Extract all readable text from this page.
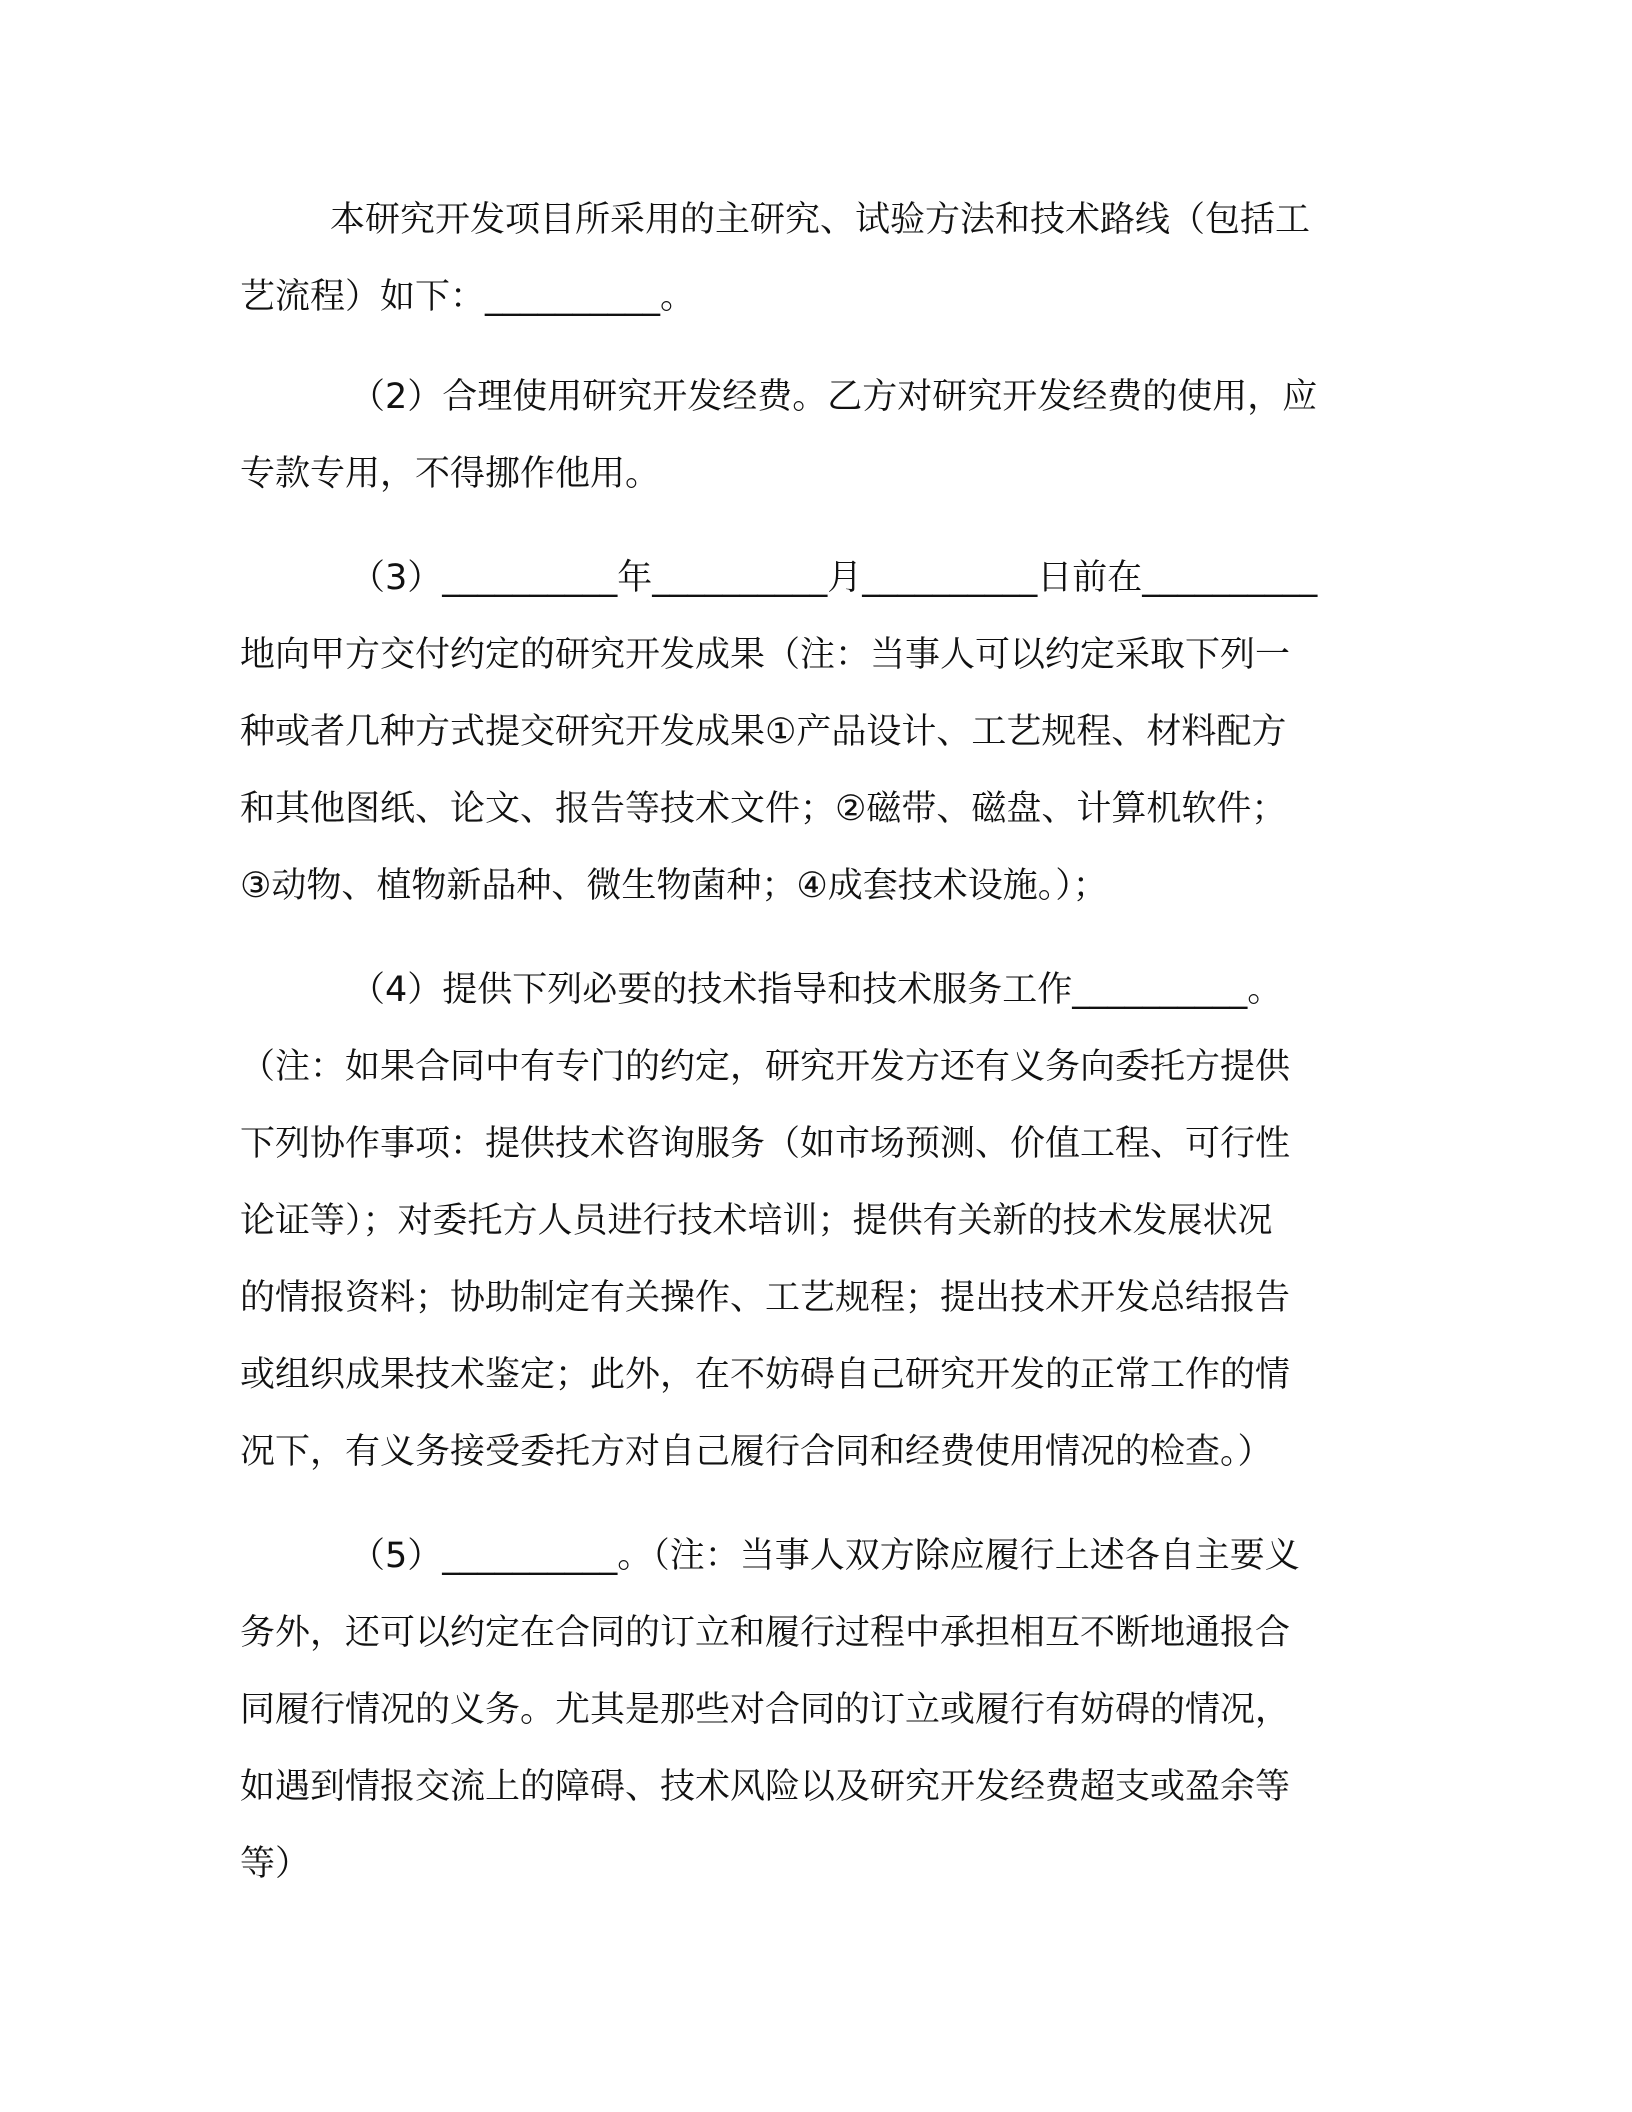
本研究开发项目所采用的主研究、试验方法和技术路线（包括工
艺流程）如下：__________。
（2）合理使用研究开发经费。乙方对研究开发经费的使用，应
专款专用，不得挪作他用。
（3）__________年__________月__________日前在__________
地向甲方交付约定的研究开发成果（注：当事人可以约定采取下列一
种或者几种方式提交研究开发成果①产品设计、工艺规程、材料配方
和其他图纸、论文、报告等技术文件；②磁带、磁盘、计算机软件；
③动物、植物新品种、微生物菌种；④成套技术设施。）；
（4）提供下列必要的技术指导和技术服务工作__________。
（注：如果合同中有专门的约定，研究开发方还有义务向委托方提供
下列协作事项：提供技术咨询服务（如市场预测、价值工程、可行性
论证等）；对委托方人员进行技术培训；提供有关新的技术发展状况
的情报资料；协助制定有关操作、工艺规程；提出技术开发总结报告
或组织成果技术鉴定；此外，在不妨碍自己研究开发的正常工作的情
况下，有义务接受委托方对自己履行合同和经费使用情况的检查。）
（5）__________。（注：当事人双方除应履行上述各自主要义
务外，还可以约定在合同的订立和履行过程中承担相互不断地通报合
同履行情况的义务。尤其是那些对合同的订立或履行有妨碍的情况，
如遇到情报交流上的障碍、技术风险以及研究开发经费超支或盈余等
等）
